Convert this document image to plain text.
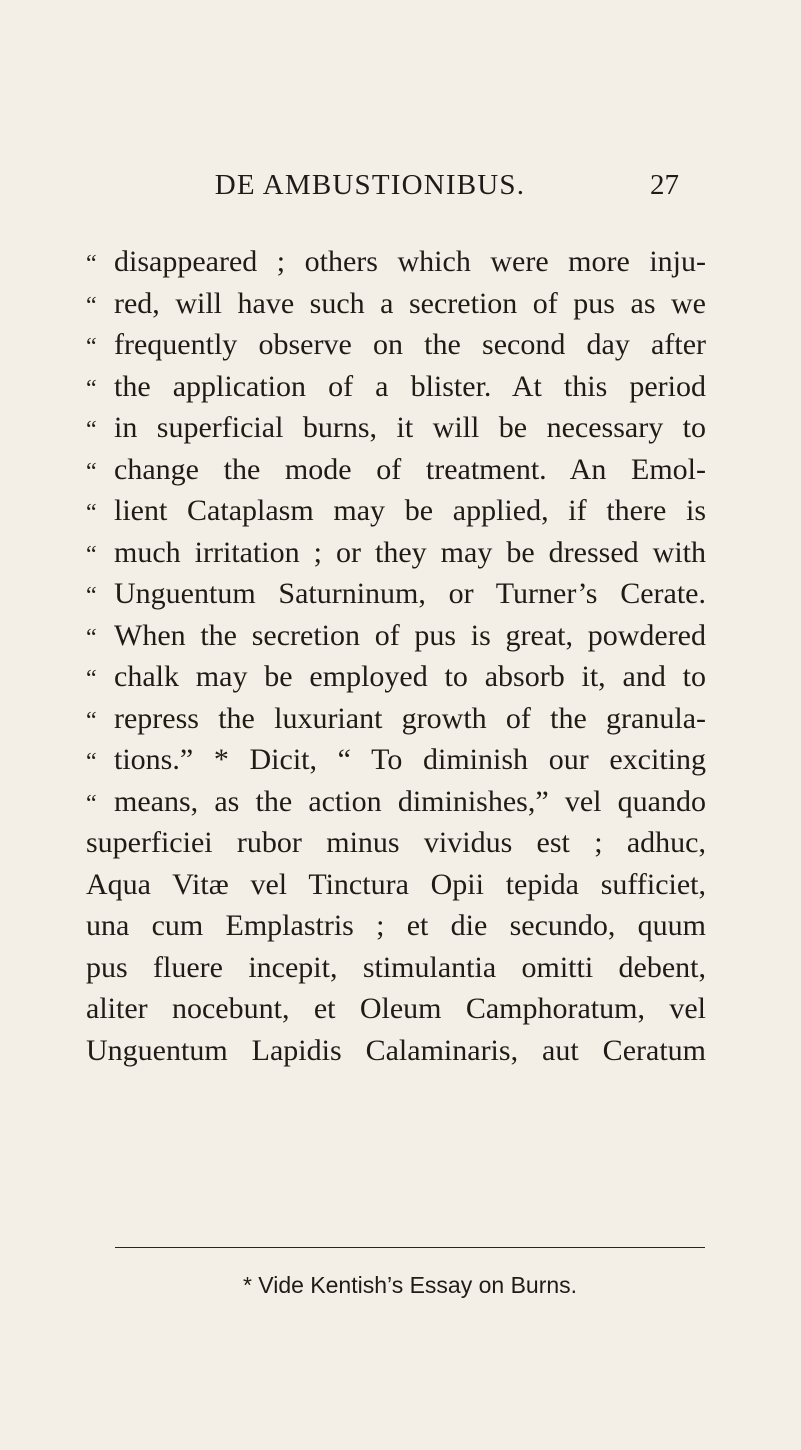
DE AMBUSTIONIBUS.	27
“ disappeared ; others which were more inju-
“ red, will have such a secretion of pus as we
“ frequently observe on the second day after
“ the application of a blister. At this period
“ in superficial burns, it will be necessary to
“ change the mode of treatment. An Emol-
“ lient Cataplasm may be applied, if there is
“ much irritation ; or they may be dressed with
“ Unguentum Saturninum, or Turner’s Cerate.
“ When the secretion of pus is great, powdered
“ chalk may be employed to absorb it, and to
“ repress the luxuriant growth of the granula-
“ tions.” * Dicit, “ To diminish our exciting
“ means, as the action diminishes,” vel quando
superficiei rubor minus vividus est ; adhuc,
Aqua Vitæ vel Tinctura Opii tepida sufficiet,
una cum Emplastris ; et die secundo, quum
pus fluere incepit, stimulantia omitti debent,
aliter nocebunt, et Oleum Camphoratum, vel
Unguentum Lapidis Calaminaris, aut Ceratum
* Vide Kentish’s Essay on Burns.
